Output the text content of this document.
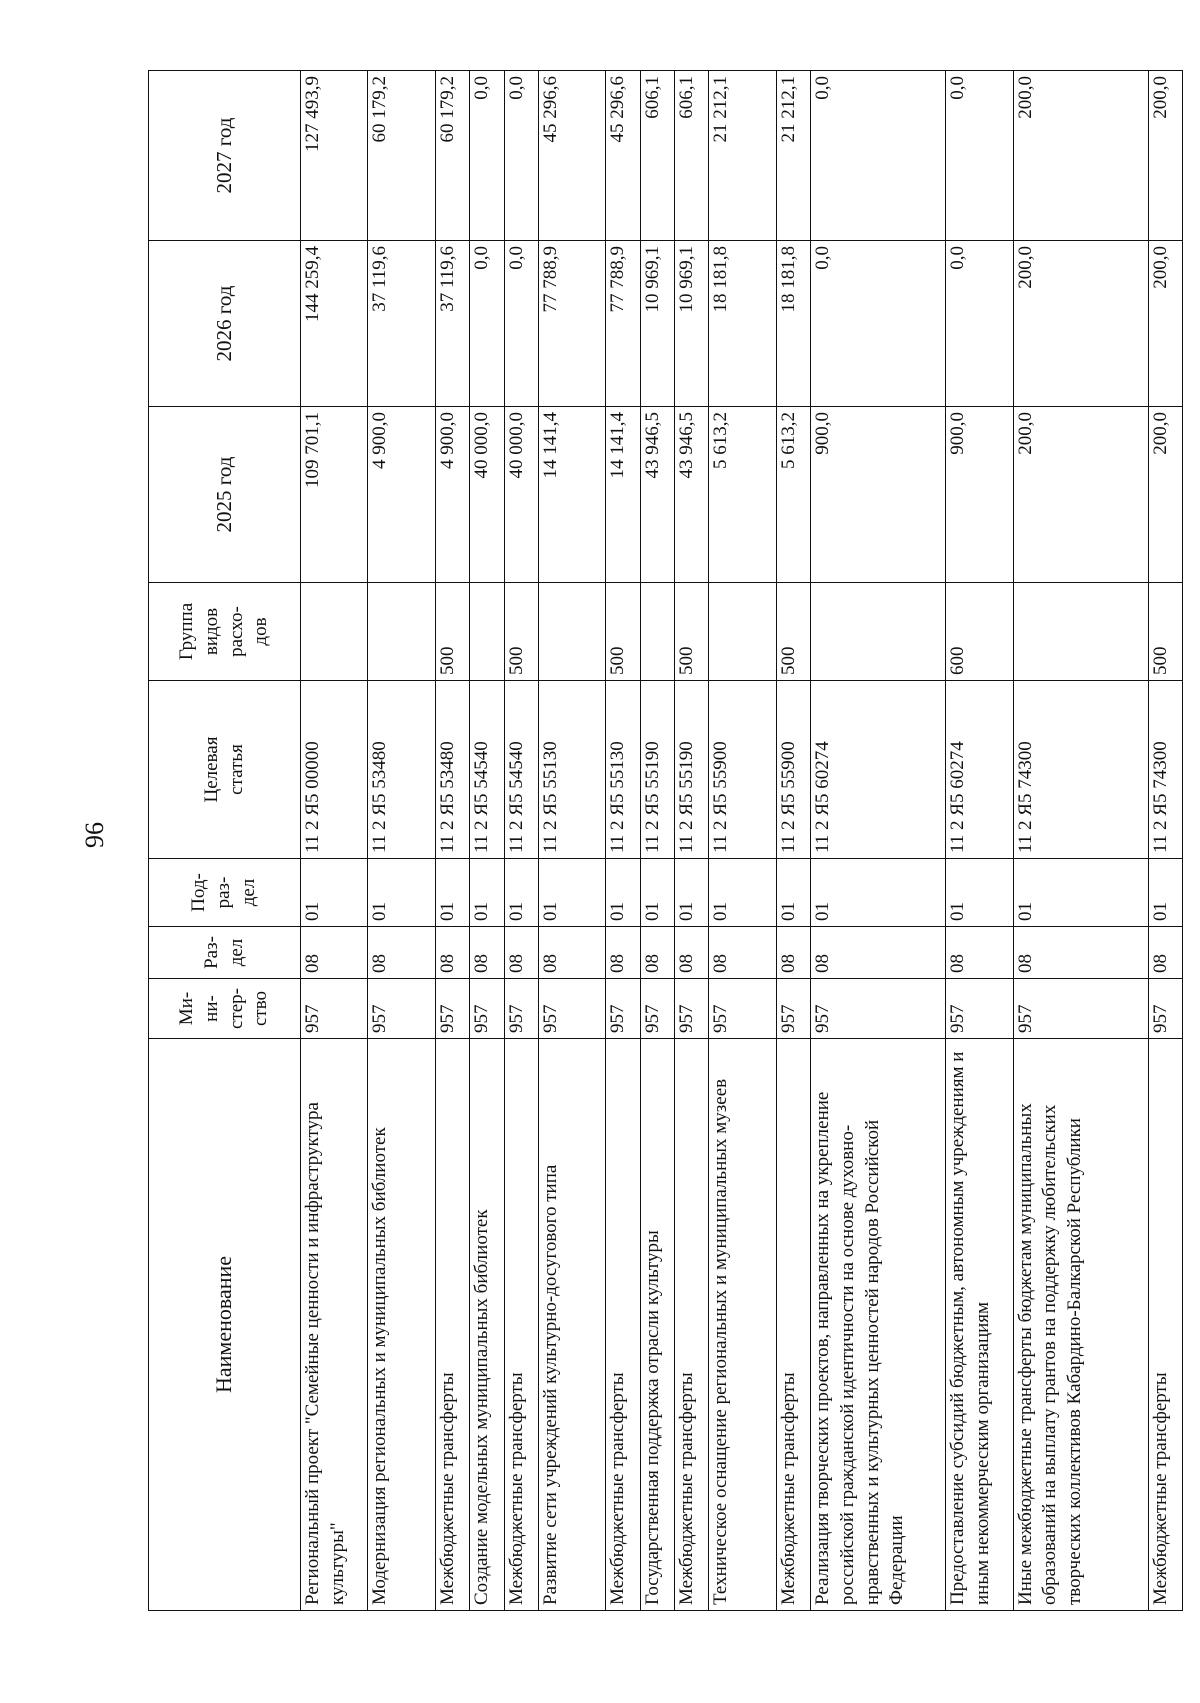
96
Наименование	Ми-
ни-
стер-
ство	Раз-
дел	Под-
раз-
дел	Целевая
статья	Группа
видов
расхо-
дов	2025 год	2026 год	2027 год
Региональный проект "Семейные ценности и инфраструктура культуры"	957	08	01	11 2 Я5 00000		109 701,1	144 259,4	127 493,9
Модернизация региональных и муниципальных библиотек	957	08	01	11 2 Я5 53480		4 900,0	37 119,6	60 179,2
Межбюджетные трансферты	957	08	01	11 2 Я5 53480	500	4 900,0	37 119,6	60 179,2
Создание модельных муниципальных библиотек	957	08	01	11 2 Я5 54540		40 000,0	0,0	0,0
Межбюджетные трансферты	957	08	01	11 2 Я5 54540	500	40 000,0	0,0	0,0
Развитие сети учреждений культурно-досугового типа	957	08	01	11 2 Я5 55130		14 141,4	77 788,9	45 296,6
Межбюджетные трансферты	957	08	01	11 2 Я5 55130	500	14 141,4	77 788,9	45 296,6
Государственная поддержка отрасли культуры	957	08	01	11 2 Я5 55190		43 946,5	10 969,1	606,1
Межбюджетные трансферты	957	08	01	11 2 Я5 55190	500	43 946,5	10 969,1	606,1
Техническое оснащение региональных и муниципальных музеев	957	08	01	11 2 Я5 55900		5 613,2	18 181,8	21 212,1
Межбюджетные трансферты	957	08	01	11 2 Я5 55900	500	5 613,2	18 181,8	21 212,1
Реализация творческих проектов, направленных на укрепление российской гражданской идентичности на основе духовно-нравственных и культурных ценностей народов Российской Федерации	957	08	01	11 2 Я5 60274		900,0	0,0	0,0
Предоставление субсидий бюджетным, автономным учреждениям и иным некоммерческим организациям	957	08	01	11 2 Я5 60274	600	900,0	0,0	0,0
Иные межбюджетные трансферты бюджетам муниципальных образований на выплату грантов на поддержку любительских творческих коллективов Кабардино-Балкарской Республики	957	08	01	11 2 Я5 74300		200,0	200,0	200,0
Межбюджетные трансферты	957	08	01	11 2 Я5 74300	500	200,0	200,0	200,0
